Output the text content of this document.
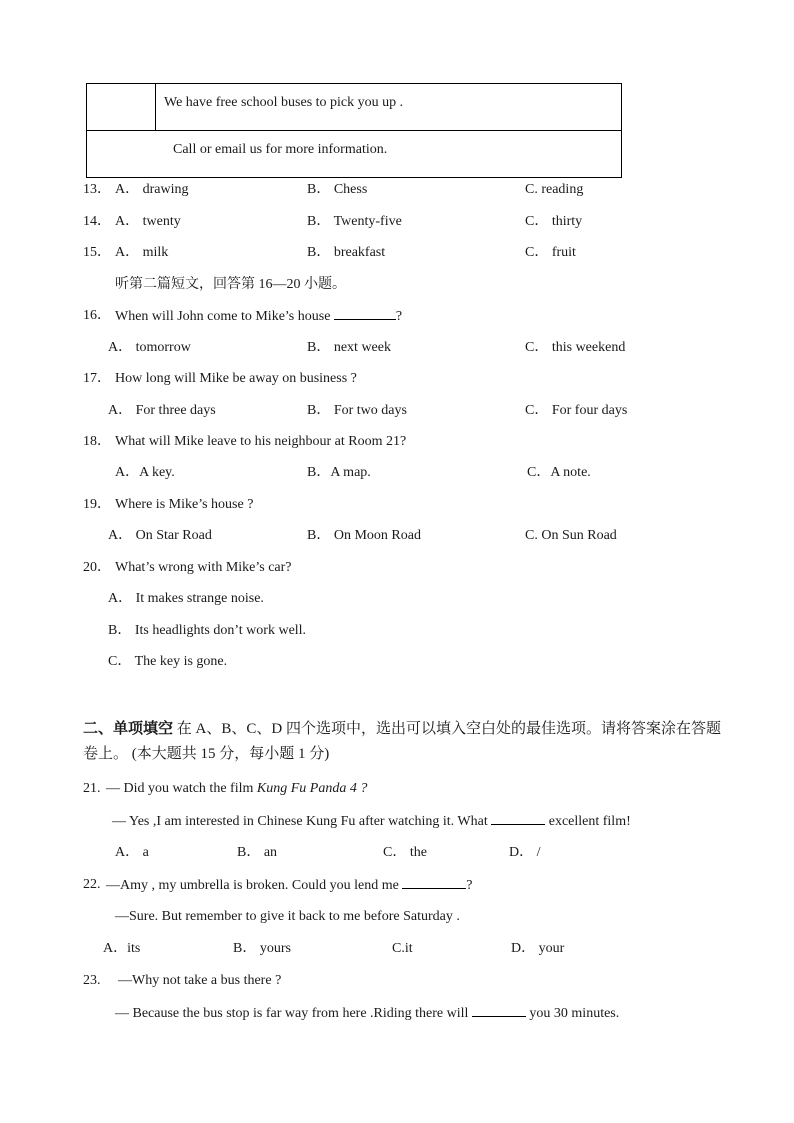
We have free school buses to pick you up .
Call or email us for more information.
13． A． drawing	B． Chess	C. reading
14． A． twenty	B． Twenty-five	C． thirty
15． A． milk	B． breakfast	C． fruit
听第二篇短文，回答第 16—20 小题。
16． When will John come to Mike’s house	?
A． tomorrow	B． next week	C． this weekend
17． How long will Mike be away on business ?
A． For three days	B． For two days	C． For four days
18． What will Mike leave to his neighbour at Room 21?
A．A key.	B．A map.	C．A note.
19． Where is Mike’s house ?
A． On Star Road	B． On Moon Road	C. On Sun Road
20． What’s wrong with Mike’s car?
A． It makes strange noise.
B． Its headlights don’t work well.
C． The key is gone.
二、单项填空 在 A、B、C、D 四个选项中，选出可以填入空白处的最佳选项。请将答案涂在答题卷上。 (本大题共 15 分，每小题 1 分)
21. — Did you watch the film Kung Fu Panda 4 ?
— Yes ,I am interested in Chinese Kung Fu after watching it. What	excellent film!
A． a	B． an	C． the	D． /
22. —Amy , my umbrella is broken. Could you lend me	?
—Sure. But remember to give it back to me before Saturday .
A．its	B． yours	C.it	D． your
23. —Why not take a bus there ?
— Because the bus stop is far way from here .Riding there will	you 30 minutes.
